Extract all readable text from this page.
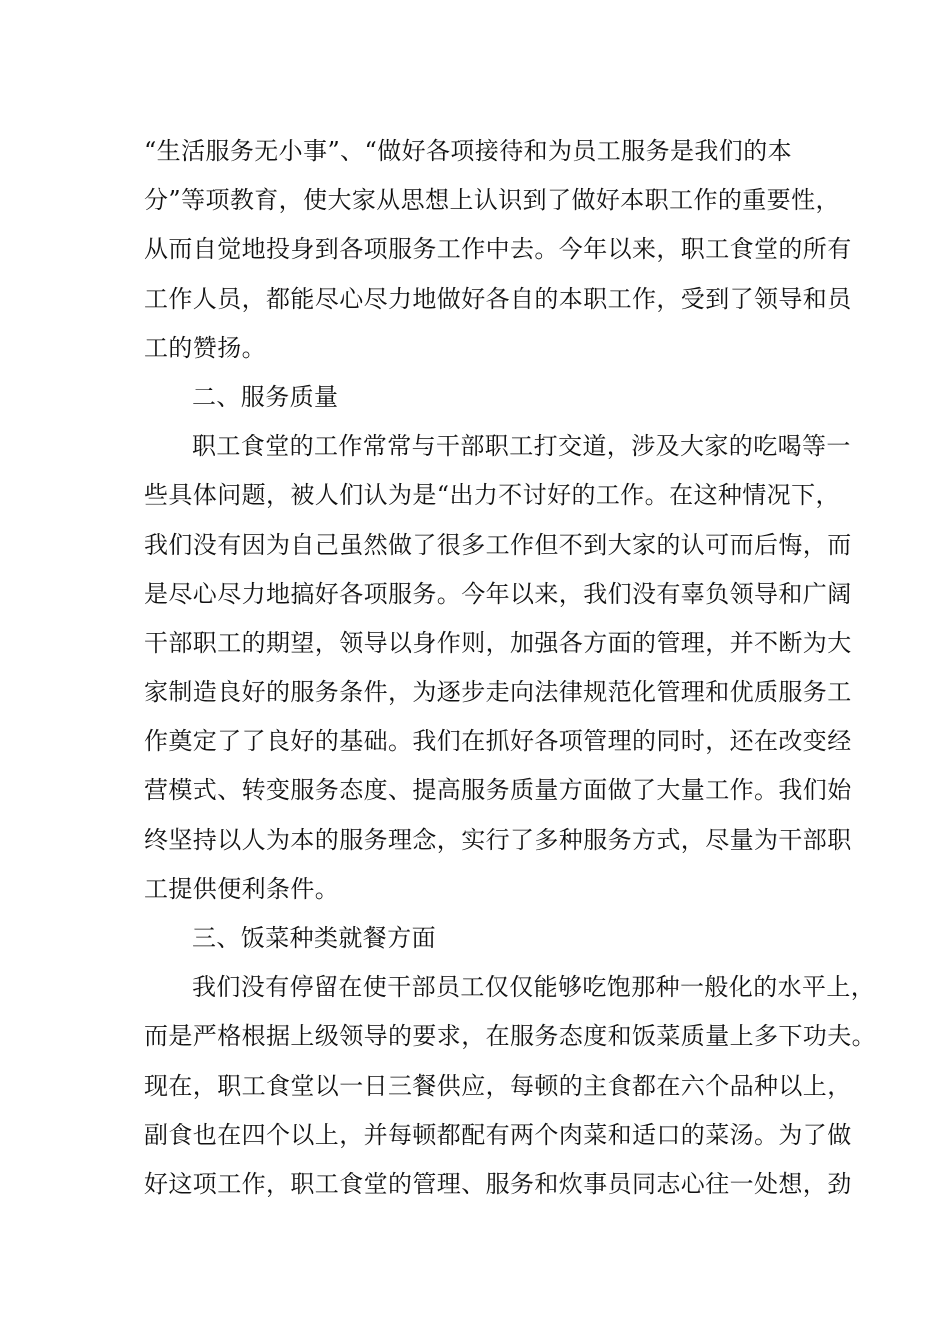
“生活服务无小事”、“做好各项接待和为员工服务是我们的本
分”等项教育，使大家从思想上认识到了做好本职工作的重要性，
从而自觉地投身到各项服务工作中去。今年以来，职工食堂的所有
工作人员，都能尽心尽力地做好各自的本职工作，受到了领导和员
工的赞扬。
二、服务质量
职工食堂的工作常常与干部职工打交道，涉及大家的吃喝等一
些具体问题，被人们认为是“出力不讨好的工作。在这种情况下，
我们没有因为自己虽然做了很多工作但不到大家的认可而后悔，而
是尽心尽力地搞好各项服务。今年以来，我们没有辜负领导和广阔
干部职工的期望，领导以身作则，加强各方面的管理，并不断为大
家制造良好的服务条件，为逐步走向法律规范化管理和优质服务工
作奠定了了良好的基础。我们在抓好各项管理的同时，还在改变经
营模式、转变服务态度、提高服务质量方面做了大量工作。我们始
终坚持以人为本的服务理念，实行了多种服务方式，尽量为干部职
工提供便利条件。
三、饭菜种类就餐方面
我们没有停留在使干部员工仅仅能够吃饱那种一般化的水平上，
而是严格根据上级领导的要求，在服务态度和饭菜质量上多下功夫。
现在，职工食堂以一日三餐供应，每顿的主食都在六个品种以上，
副食也在四个以上，并每顿都配有两个肉菜和适口的菜汤。为了做
好这项工作，职工食堂的管理、服务和炊事员同志心往一处想，劲
